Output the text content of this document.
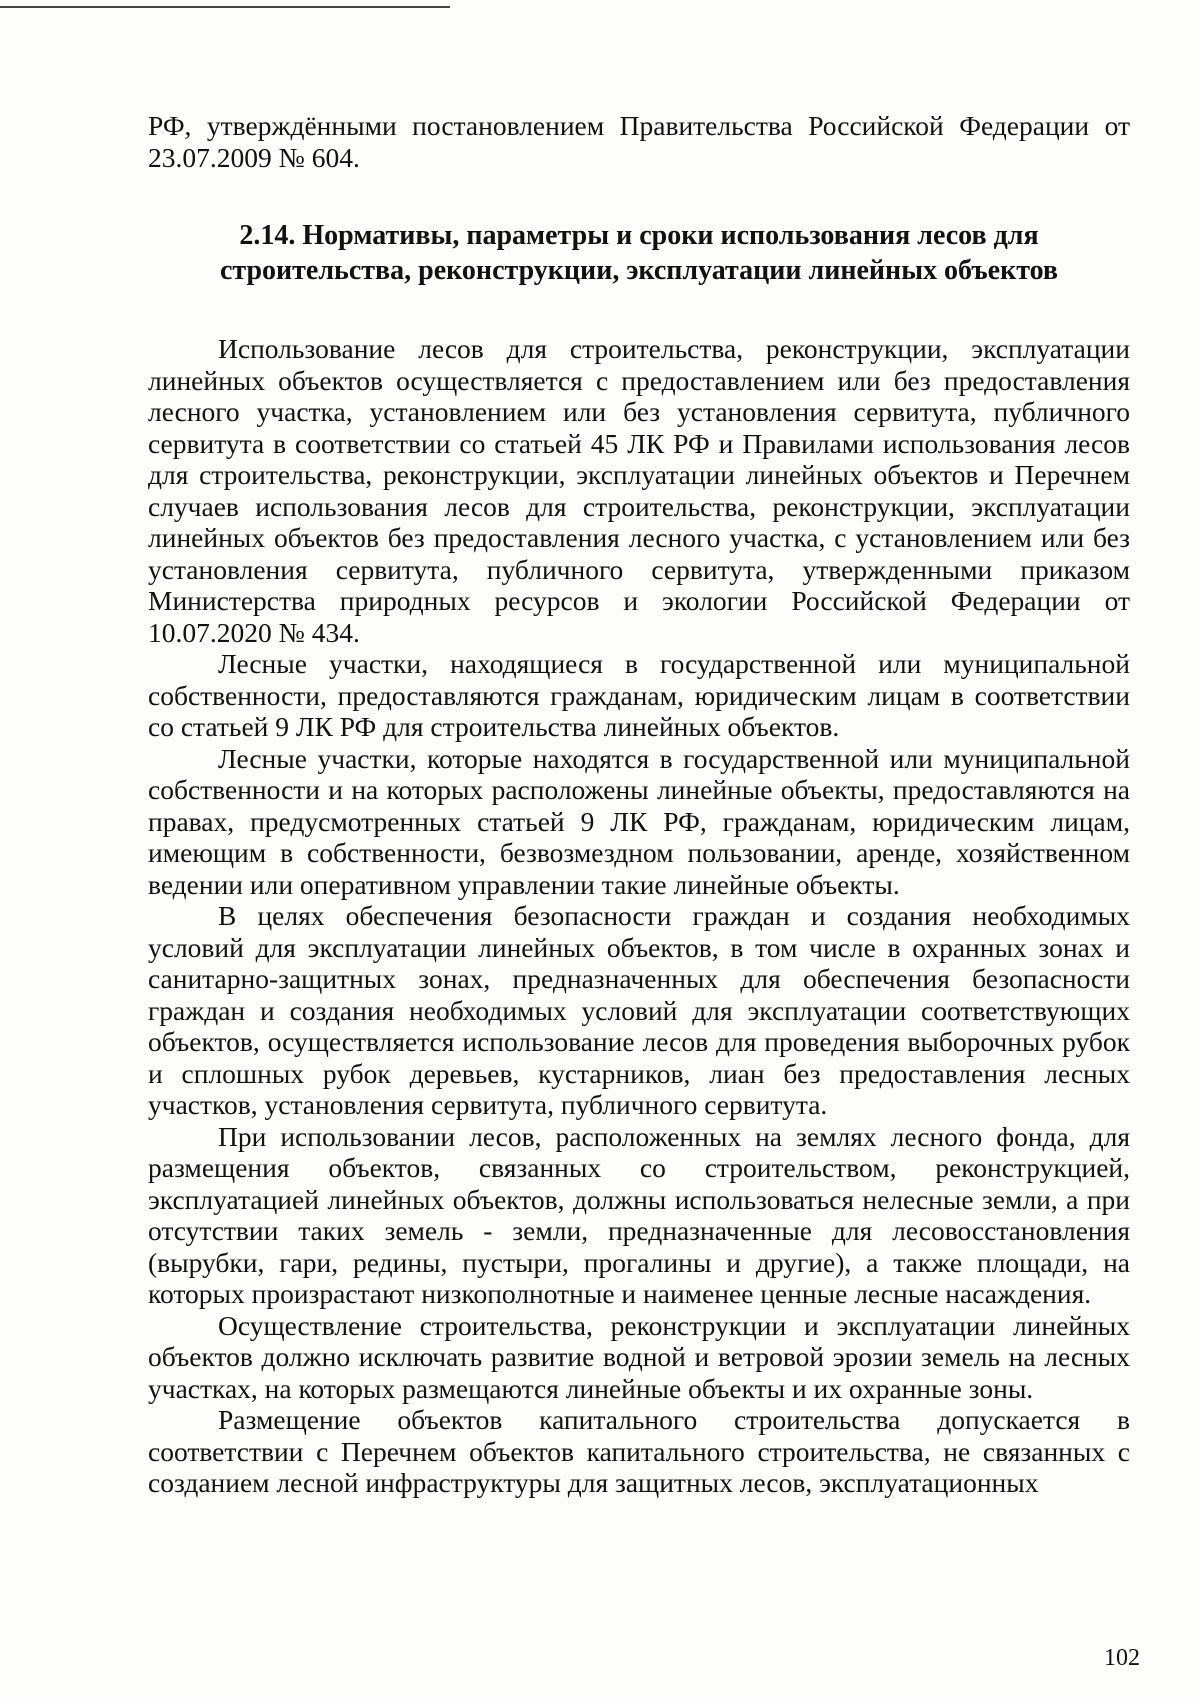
РФ, утверждёнными постановлением Правительства Российской Федерации от 23.07.2009 № 604.

2.14. Нормативы, параметры и сроки использования лесов для
строительства, реконструкции, эксплуатации линейных объектов

Использование лесов для строительства, реконструкции, эксплуатации линейных объектов осуществляется с предоставлением или без предоставления лесного участка, установлением или без установления сервитута, публичного сервитута в соответствии со статьей 45 ЛК РФ и Правилами использования лесов для строительства, реконструкции, эксплуатации линейных объектов и Перечнем случаев использования лесов для строительства, реконструкции, эксплуатации линейных объектов без предоставления лесного участка, с установлением или без установления сервитута, публичного сервитута, утвержденными приказом Министерства природных ресурсов и экологии Российской Федерации от 10.07.2020 № 434.

Лесные участки, находящиеся в государственной или муниципальной собственности, предоставляются гражданам, юридическим лицам в соответствии со статьей 9 ЛК РФ для строительства линейных объектов.

Лесные участки, которые находятся в государственной или муниципальной собственности и на которых расположены линейные объекты, предоставляются на правах, предусмотренных статьей 9 ЛК РФ, гражданам, юридическим лицам, имеющим в собственности, безвозмездном пользовании, аренде, хозяйственном ведении или оперативном управлении такие линейные объекты.

В целях обеспечения безопасности граждан и создания необходимых условий для эксплуатации линейных объектов, в том числе в охранных зонах и санитарно-защитных зонах, предназначенных для обеспечения безопасности граждан и создания необходимых условий для эксплуатации соответствующих объектов, осуществляется использование лесов для проведения выборочных рубок и сплошных рубок деревьев, кустарников, лиан без предоставления лесных участков, установления сервитута, публичного сервитута.

При использовании лесов, расположенных на землях лесного фонда, для размещения объектов, связанных со строительством, реконструкцией, эксплуатацией линейных объектов, должны использоваться нелесные земли, а при отсутствии таких земель - земли, предназначенные для лесовосстановления (вырубки, гари, редины, пустыри, прогалины и другие), а также площади, на которых произрастают низкополнотные и наименее ценные лесные насаждения.

Осуществление строительства, реконструкции и эксплуатации линейных объектов должно исключать развитие водной и ветровой эрозии земель на лесных участках, на которых размещаются линейные объекты и их охранные зоны.

Размещение объектов капитального строительства допускается в соответствии с Перечнем объектов капитального строительства, не связанных с созданием лесной инфраструктуры для защитных лесов, эксплуатационных

102
